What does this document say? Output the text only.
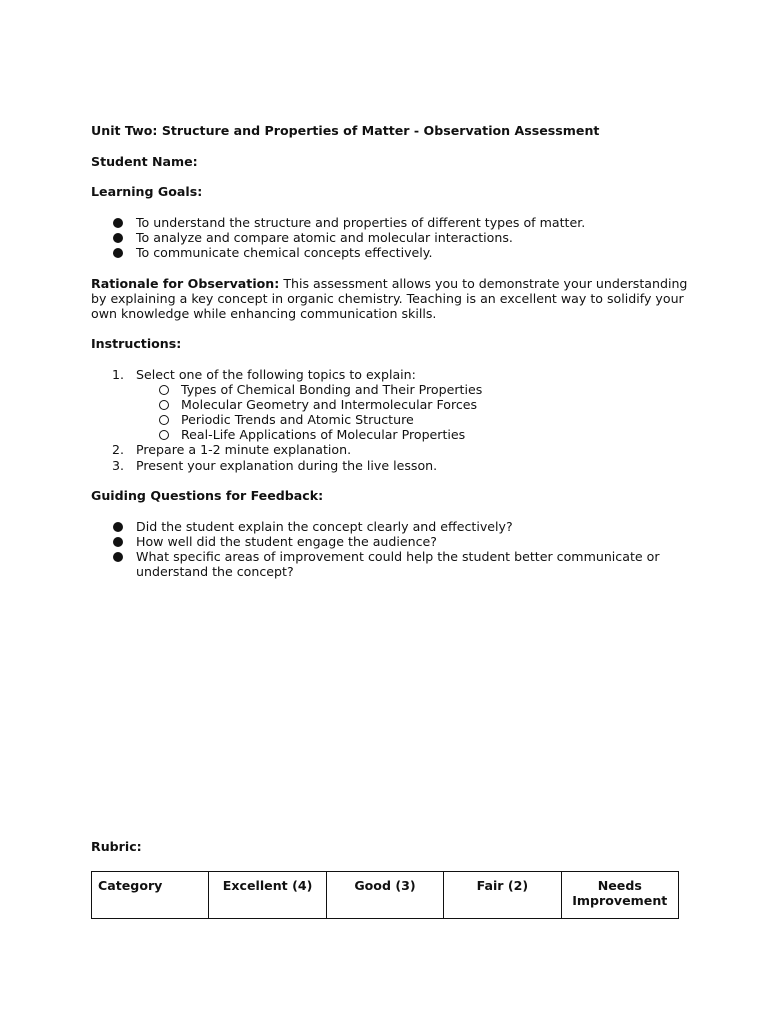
Unit Two: Structure and Properties of Matter - Observation Assessment
Student Name:
Learning Goals:
To understand the structure and properties of different types of matter.
To analyze and compare atomic and molecular interactions.
To communicate chemical concepts effectively.
Rationale for Observation: This assessment allows you to demonstrate your understanding by explaining a key concept in organic chemistry. Teaching is an excellent way to solidify your own knowledge while enhancing communication skills.
Instructions:
1. Select one of the following topics to explain:
Types of Chemical Bonding and Their Properties
Molecular Geometry and Intermolecular Forces
Periodic Trends and Atomic Structure
Real-Life Applications of Molecular Properties
2. Prepare a 1-2 minute explanation.
3. Present your explanation during the live lesson.
Guiding Questions for Feedback:
Did the student explain the concept clearly and effectively?
How well did the student engage the audience?
What specific areas of improvement could help the student better communicate or understand the concept?
Rubric:
Category	Excellent (4)	Good (3)	Fair (2)	Needs Improvement
